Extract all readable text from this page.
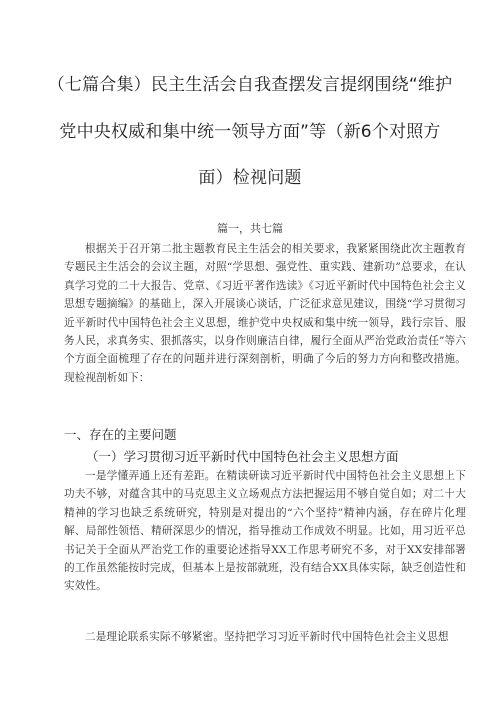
（七篇合集）民主生活会自我查摆发言提纲围绕“维护
党中央权威和集中统一领导方面”等（新6个对照方
面）检视问题
篇一，共七篇
根据关于召开第二批主题教育民主生活会的相关要求，我紧紧围绕此次主题教育专题民主生活会的会议主题，对照“学思想、强党性、重实践、建新功”总要求，在认真学习党的二十大报告、党章、《习近平著作选读》《习近平新时代中国特色社会主义思想专题摘编》的基础上，深入开展谈心谈话，广泛征求意见建议，围绕“学习贯彻习近平新时代中国特色社会主义思想，维护党中央权威和集中统一领导，践行宗旨、服务人民，求真务实、狠抓落实，以身作则廉洁自律，履行全面从严治党政治责任”等六个方面全面梳理了存在的问题并进行深刻剖析，明确了今后的努力方向和整改措施。现检视剖析如下：
一、存在的主要问题
（一）学习贯彻习近平新时代中国特色社会主义思想方面
一是学懂弄通上还有差距。在精读研读习近平新时代中国特色社会主义思想上下功夫不够，对蕴含其中的马克思主义立场观点方法把握运用不够自觉自如；对二十大精神的学习也缺乏系统研究，特别是对提出的“六个坚持”精神内涵，存在碎片化理解、局部性领悟、精研深思少的情况，指导推动工作成效不明显。比如，用习近平总书记关于全面从严治党工作的重要论述指导XX工作思考研究不多，对于XX安排部署的工作虽然能按时完成，但基本上是按部就班，没有结合XX具体实际，缺乏创造性和实效性。
二是理论联系实际不够紧密。坚持把学习习近平新时代中国特色社会主义思想
